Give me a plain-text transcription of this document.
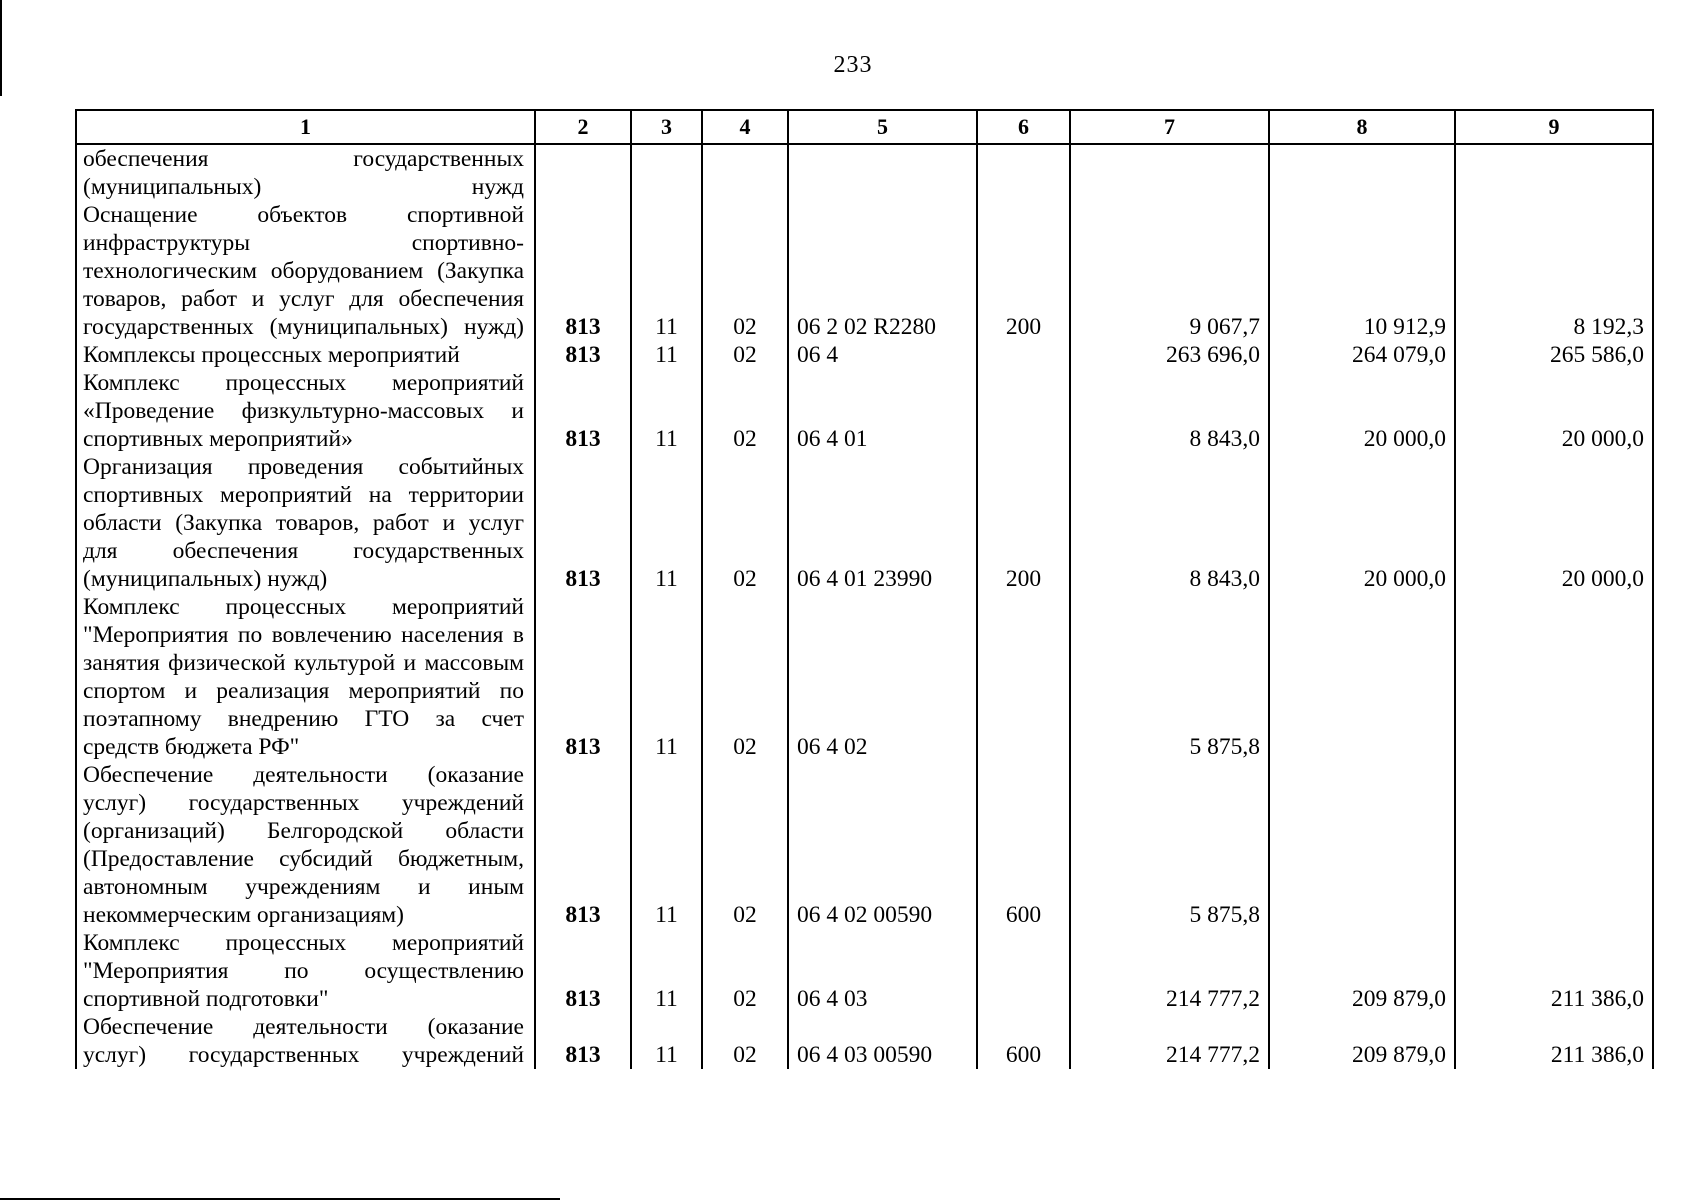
233
1	2	3	4	5	6	7	8	9
обеспечения государственных (муниципальных) нужд								
Оснащение объектов спортивной инфраструктуры спортивно-технологическим оборудованием (Закупка товаров, работ и услуг для обеспечения государственных (муниципальных) нужд)	813	11	02	06 2 02 R2280	200	9 067,7	10 912,9	8 192,3
Комплексы процессных мероприятий	813	11	02	06 4		263 696,0	264 079,0	265 586,0
Комплекс процессных мероприятий «Проведение физкультурно-массовых и спортивных мероприятий»	813	11	02	06 4 01		8 843,0	20 000,0	20 000,0
Организация проведения событийных спортивных мероприятий на территории области (Закупка товаров, работ и услуг для обеспечения государственных (муниципальных) нужд)	813	11	02	06 4 01 23990	200	8 843,0	20 000,0	20 000,0
Комплекс процессных мероприятий "Мероприятия по вовлечению населения в занятия физической культурой и массовым спортом и реализация мероприятий по поэтапному внедрению ГТО за счет средств бюджета РФ"	813	11	02	06 4 02		5 875,8		
Обеспечение деятельности (оказание услуг) государственных учреждений (организаций) Белгородской области (Предоставление субсидий бюджетным, автономным учреждениям и иным некоммерческим организациям)	813	11	02	06 4 02 00590	600	5 875,8		
Комплекс процессных мероприятий "Мероприятия по осуществлению спортивной подготовки"	813	11	02	06 4 03		214 777,2	209 879,0	211 386,0
Обеспечение деятельности (оказание услуг) государственных учреждений	813	11	02	06 4 03 00590	600	214 777,2	209 879,0	211 386,0
